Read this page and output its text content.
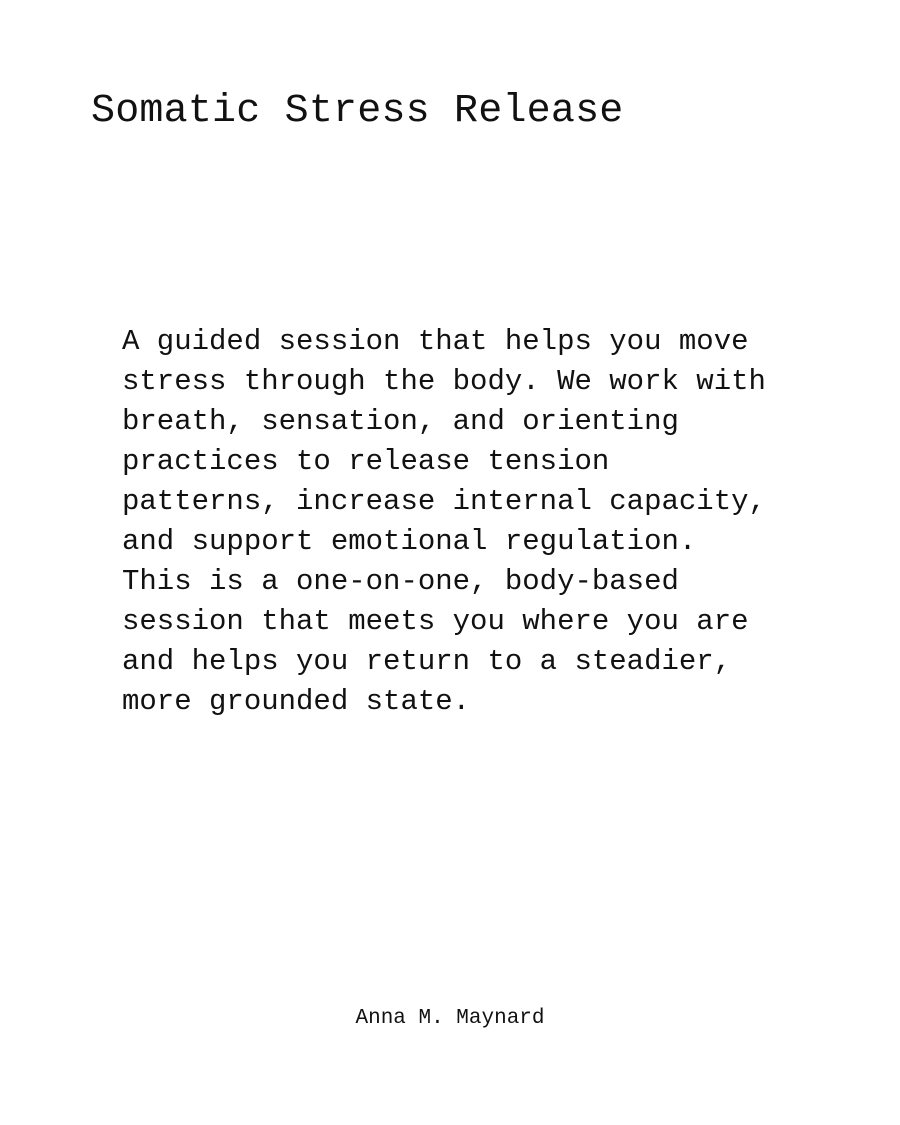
Somatic Stress Release
A guided session that helps you move
stress through the body. We work with
breath, sensation, and orienting
practices to release tension
patterns, increase internal capacity,
and support emotional regulation.
This is a one-on-one, body-based
session that meets you where you are
and helps you return to a steadier,
more grounded state.
Anna M. Maynard
